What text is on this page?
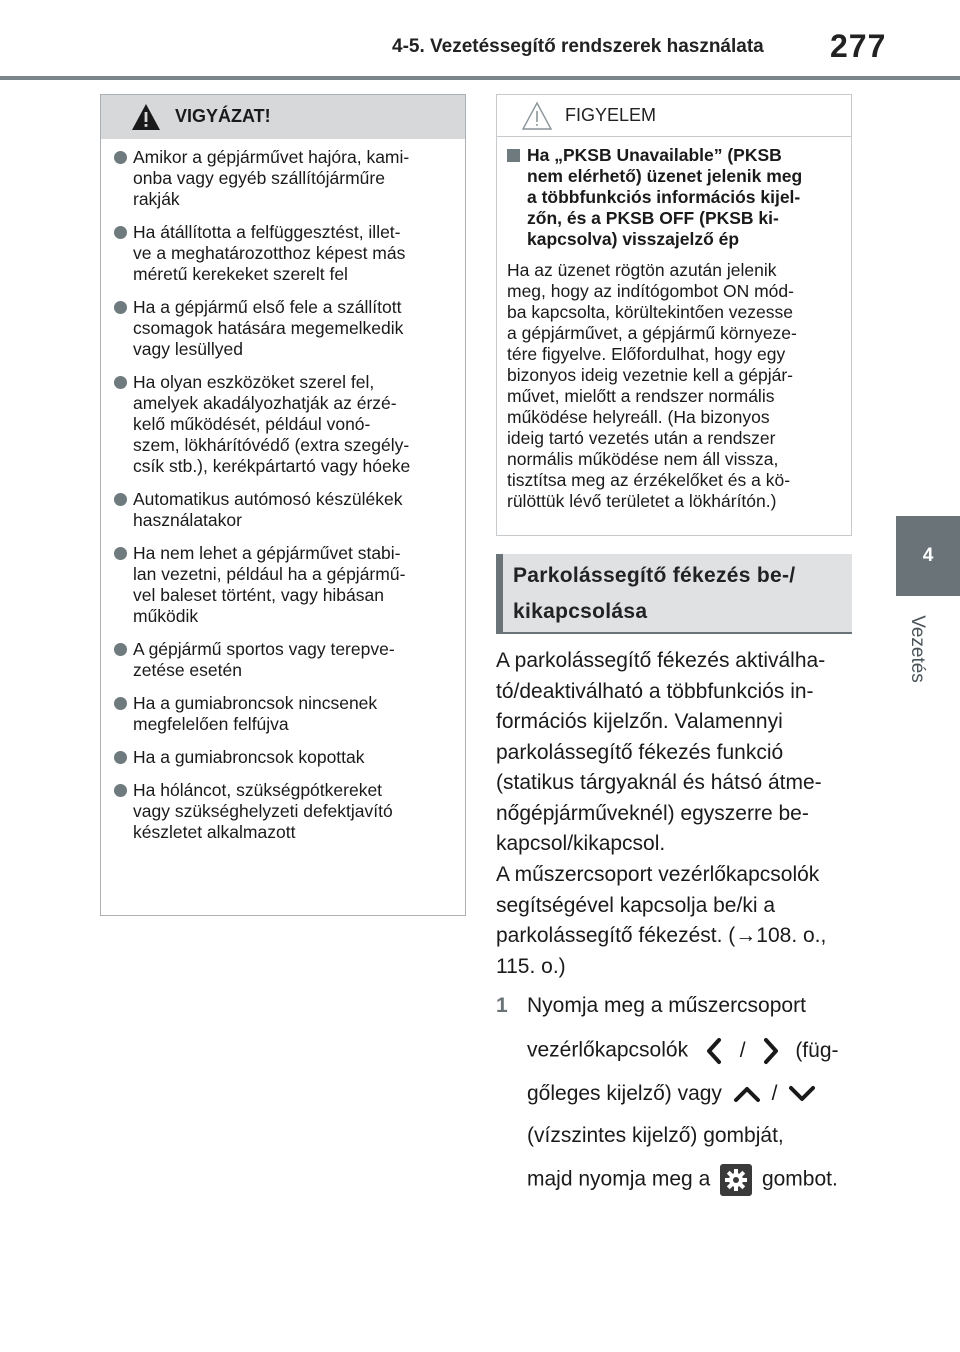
4-5. Vezetéssegítő rendszerek használata 277
4
Vezetés
VIGYÁZAT!
Amikor a gépjárművet hajóra, kami-
onba vagy egyéb szállítójárműre
rakják
Ha átállította a felfüggesztést, illet-
ve a meghatározotthoz képest más
méretű kerekeket szerelt fel
Ha a gépjármű első fele a szállított
csomagok hatására megemelkedik
vagy lesüllyed
Ha olyan eszközöket szerel fel,
amelyek akadályozhatják az érzé-
kelő működését, például vonó-
szem, lökhárítóvédő (extra szegély-
csík stb.), kerékpártartó vagy hóeke
Automatikus autómosó készülékek
használatakor
Ha nem lehet a gépjárművet stabi-
lan vezetni, például ha a gépjármű-
vel baleset történt, vagy hibásan
működik
A gépjármű sportos vagy terepve-
zetése esetén
Ha a gumiabroncsok nincsenek
megfelelően felfújva
Ha a gumiabroncsok kopottak
Ha hóláncot, szükségpótkereket
vagy szükséghelyzeti defektjavító
készletet alkalmazott
FIGYELEM
Ha „PKSB Unavailable” (PKSB
nem elérhető) üzenet jelenik meg
a többfunkciós információs kijel-
zőn, és a PKSB OFF (PKSB ki-
kapcsolva) visszajelző ép
Ha az üzenet rögtön azután jelenik
meg, hogy az indítógombot ON mód-
ba kapcsolta, körültekintően vezesse
a gépjárművet, a gépjármű környeze-
tére figyelve. Előfordulhat, hogy egy
bizonyos ideig vezetnie kell a gépjár-
művet, mielőtt a rendszer normális
működése helyreáll. (Ha bizonyos
ideig tartó vezetés után a rendszer
normális működése nem áll vissza,
tisztítsa meg az érzékelőket és a kö-
rülöttük lévő területet a lökhárítón.)
Parkolássegítő fékezés be-/
kikapcsolása
A parkolássegítő fékezés aktiválha-
tó/deaktiválható a többfunkciós in-
formációs kijelzőn. Valamennyi
parkolássegítő fékezés funkció
(statikus tárgyaknál és hátsó átme-
nőgépjárműveknél) egyszerre be-
kapcsol/kikapcsol.
A műszercsoport vezérlőkapcsolók
segítségével kapcsolja be/ki a
parkolássegítő fékezést. (→108. o.,
115. o.)
1 Nyomja meg a műszercsoport
vezérlőkapcsolók / (füg-
gőleges kijelző) vagy /
(vízszintes kijelző) gombját,
majd nyomja meg a gombot.
